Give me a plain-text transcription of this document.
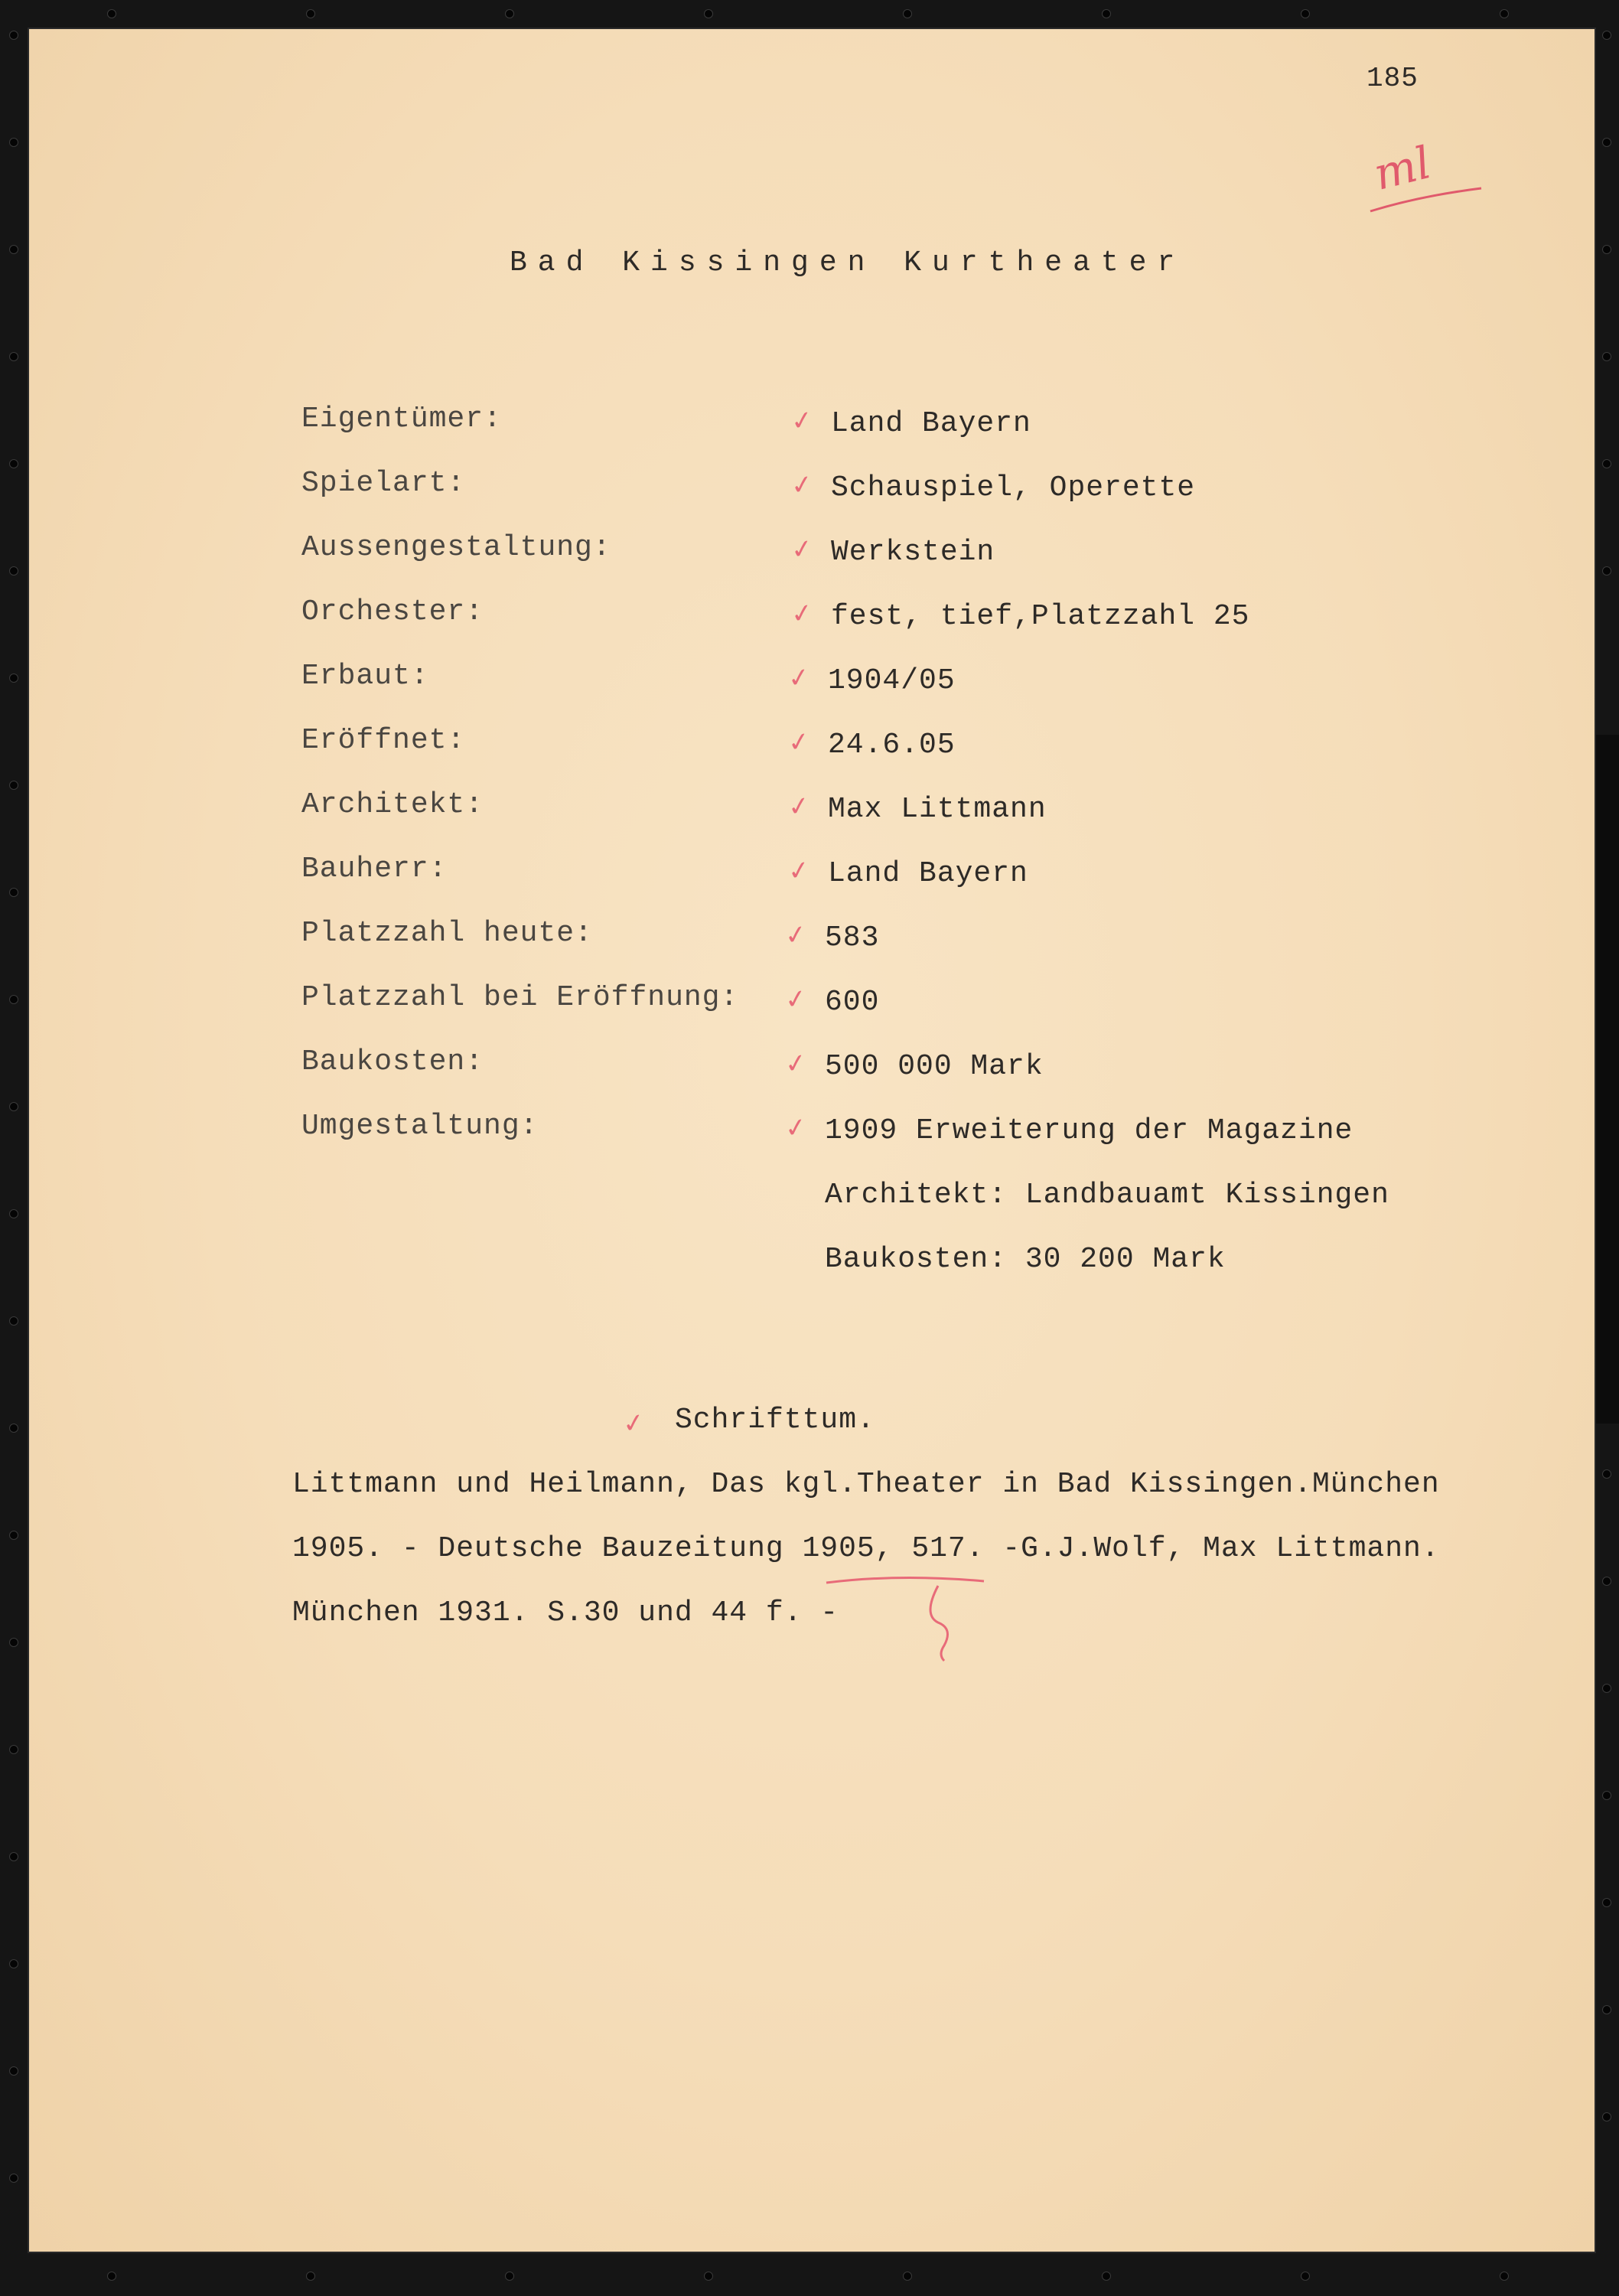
185
ml
Bad Kissingen Kurtheater
Eigentümer:
Spielart:
Aussengestaltung:
Orchester:
Erbaut:
Eröffnet:
Architekt:
Bauherr:
Platzzahl heute:
Platzzahl bei Eröffnung:
Baukosten:
Umgestaltung:
✓
✓
✓
✓
✓
✓
✓
✓
✓
✓
✓
✓
Land Bayern
Schauspiel, Operette
Werkstein
fest, tief,Platzzahl 25
1904/05
24.6.05
Max Littmann
Land Bayern
583
600
500 000 Mark
1909 Erweiterung der Magazine
Architekt: Landbauamt Kissingen
Baukosten: 30 200 Mark
✓ Schrifttum.
Littmann und Heilmann, Das kgl.Theater in Bad Kissingen.München
1905. - Deutsche Bauzeitung 1905, 517. -G.J.Wolf, Max Littmann.
München 1931. S.30 und 44 f. -
